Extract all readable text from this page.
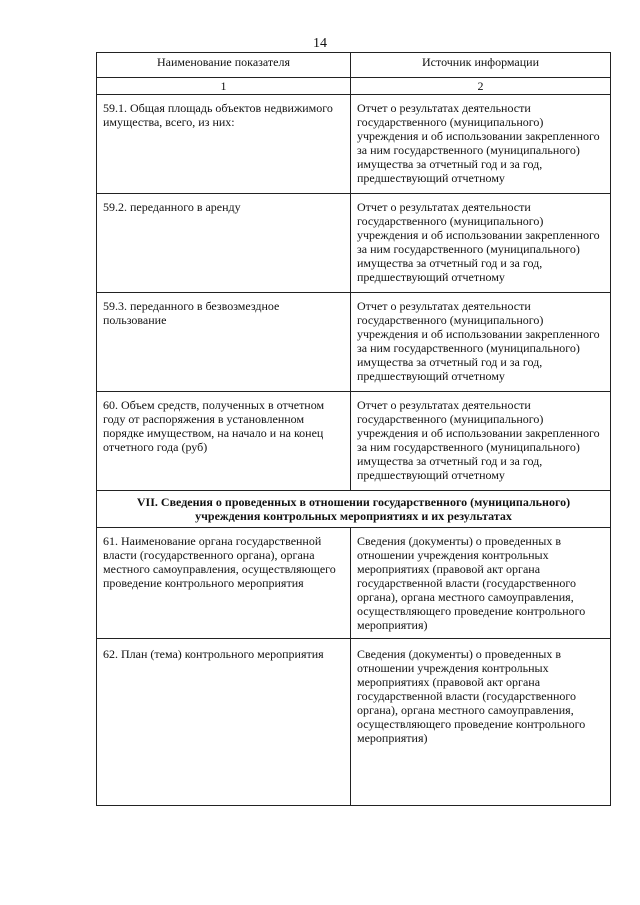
14
Наименование показателя	Источник информации
1	2
59.1. Общая площадь объектов недвижимого имущества, всего, из них:	Отчет о результатах деятельности государственного (муниципального) учреждения и об использовании закрепленного за ним государственного (муниципального) имущества за отчетный год и за год, предшествующий отчетному
59.2. переданного в аренду	Отчет о результатах деятельности государственного (муниципального) учреждения и об использовании закрепленного за ним государственного (муниципального) имущества за отчетный год и за год, предшествующий отчетному
59.3. переданного в безвозмездное пользование	Отчет о результатах деятельности государственного (муниципального) учреждения и об использовании закрепленного за ним государственного (муниципального) имущества за отчетный год и за год, предшествующий отчетному
60. Объем средств, полученных в отчетном году от распоряжения в установленном порядке имуществом, на начало и на конец отчетного года (руб)	Отчет о результатах деятельности государственного (муниципального) учреждения и об использовании закрепленного за ним государственного (муниципального) имущества за отчетный год и за год, предшествующий отчетному
VII. Сведения о проведенных в отношении государственного (муниципального) учреждения контрольных мероприятиях и их результатах	
61. Наименование органа государственной власти (государственного органа), органа местного самоуправления, осуществляющего проведение контрольного мероприятия	Сведения (документы) о проведенных в отношении учреждения контрольных мероприятиях (правовой акт органа государственной власти (государственного органа), органа местного самоуправления, осуществляющего проведение контрольного мероприятия)
62. План (тема) контрольного мероприятия	Сведения (документы) о проведенных в отношении учреждения контрольных мероприятиях (правовой акт органа государственной власти (государственного органа), органа местного самоуправления, осуществляющего проведение контрольного мероприятия)
